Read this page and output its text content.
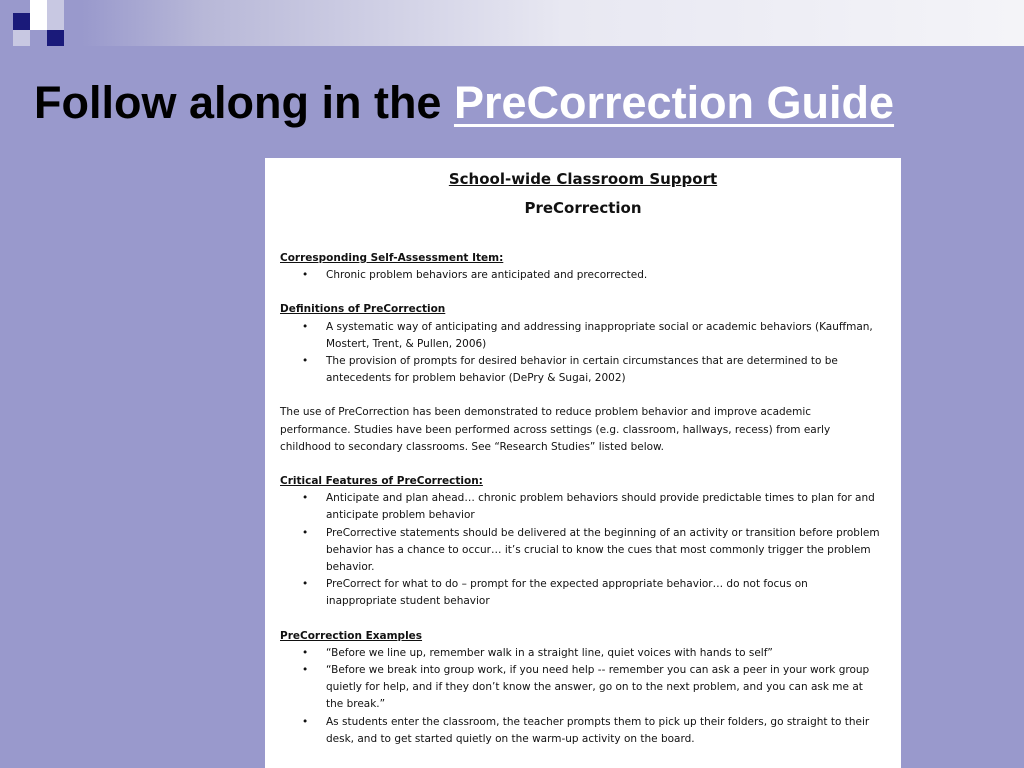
Follow along in the PreCorrection Guide
School-wide Classroom Support
PreCorrection
Corresponding Self-Assessment Item:
• Chronic problem behaviors are anticipated and precorrected.
Definitions of PreCorrection
• A systematic way of anticipating and addressing inappropriate social or academic behaviors (Kauffman, Mostert, Trent, & Pullen, 2006)
• The provision of prompts for desired behavior in certain circumstances that are determined to be antecedents for problem behavior (DePry & Sugai, 2002)

The use of PreCorrection has been demonstrated to reduce problem behavior and improve academic performance. Studies have been performed across settings (e.g. classroom, hallways, recess) from early childhood to secondary classrooms. See “Research Studies” listed below.

Critical Features of PreCorrection:
• Anticipate and plan ahead… chronic problem behaviors should provide predictable times to plan for and anticipate problem behavior
• PreCorrective statements should be delivered at the beginning of an activity or transition before problem behavior has a chance to occur… it’s crucial to know the cues that most commonly trigger the problem behavior.
• PreCorrect for what to do – prompt for the expected appropriate behavior… do not focus on inappropriate student behavior
PreCorrection Examples
• “Before we line up, remember walk in a straight line, quiet voices with hands to self”
• “Before we break into group work, if you need help -- remember you can ask a peer in your work group quietly for help, and if they don’t know the answer, go on to the next problem, and you can ask me at the break.”
• As students enter the classroom, the teacher prompts them to pick up their folders, go straight to their desk, and to get started quietly on the warm-up activity on the board.
